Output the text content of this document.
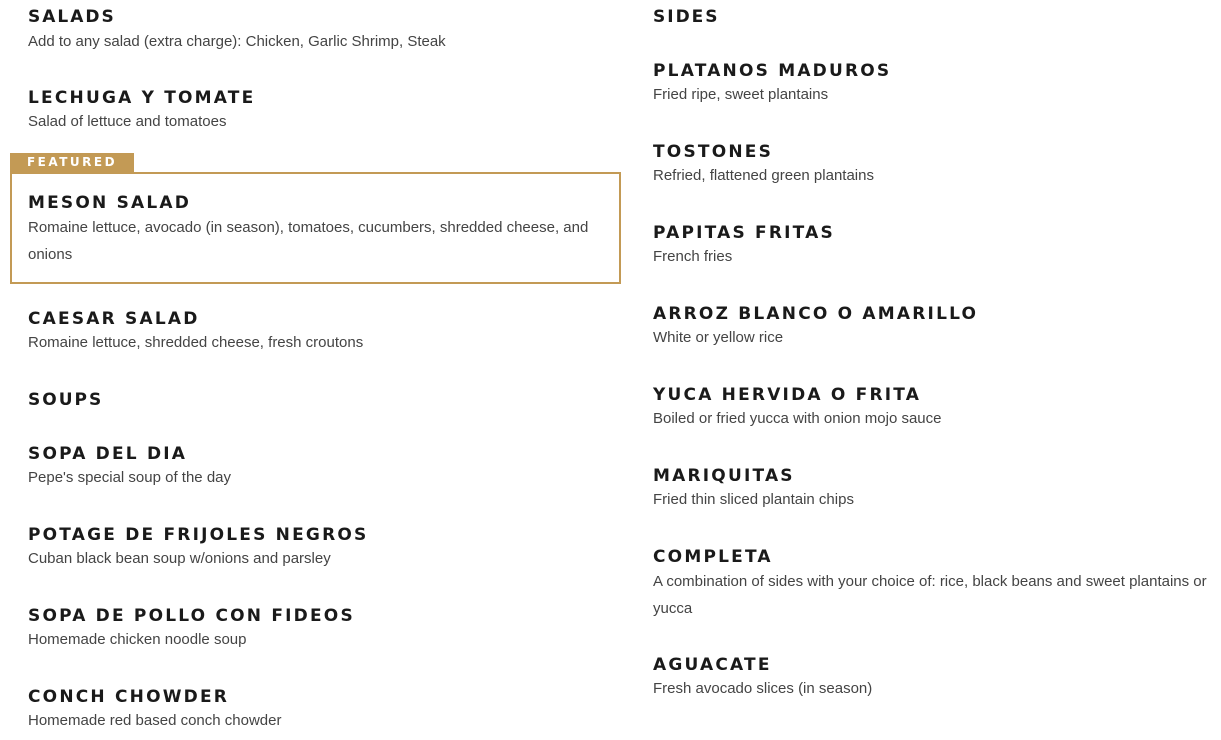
FEATURED
SALADS
Add to any salad (extra charge): Chicken, Garlic Shrimp, Steak
LECHUGA Y TOMATE

Salad of lettuce and tomatoes

MESON SALAD

Romaine lettuce, avocado (in season), tomatoes, cucumbers, shredded cheese, and onions

CAESAR SALAD

Romaine lettuce, shredded cheese, fresh croutons

SOUPS
SOPA DEL DIA

Pepe's special soup of the day

POTAGE DE FRIJOLES NEGROS

Cuban black bean soup w/onions and parsley

SOPA DE POLLO CON FIDEOS

Homemade chicken noodle soup

CONCH CHOWDER

Homemade red based conch chowder

SIDES
PLATANOS MADUROS

Fried ripe, sweet plantains

TOSTONES

Refried, flattened green plantains

PAPITAS FRITAS

French fries

ARROZ BLANCO O AMARILLO

White or yellow rice

YUCA HERVIDA O FRITA

Boiled or fried yucca with onion mojo sauce

MARIQUITAS

Fried thin sliced plantain chips

COMPLETA

A combination of sides with your choice of: rice, black beans and sweet plantains or yucca

AGUACATE

Fresh avocado slices (in season)
